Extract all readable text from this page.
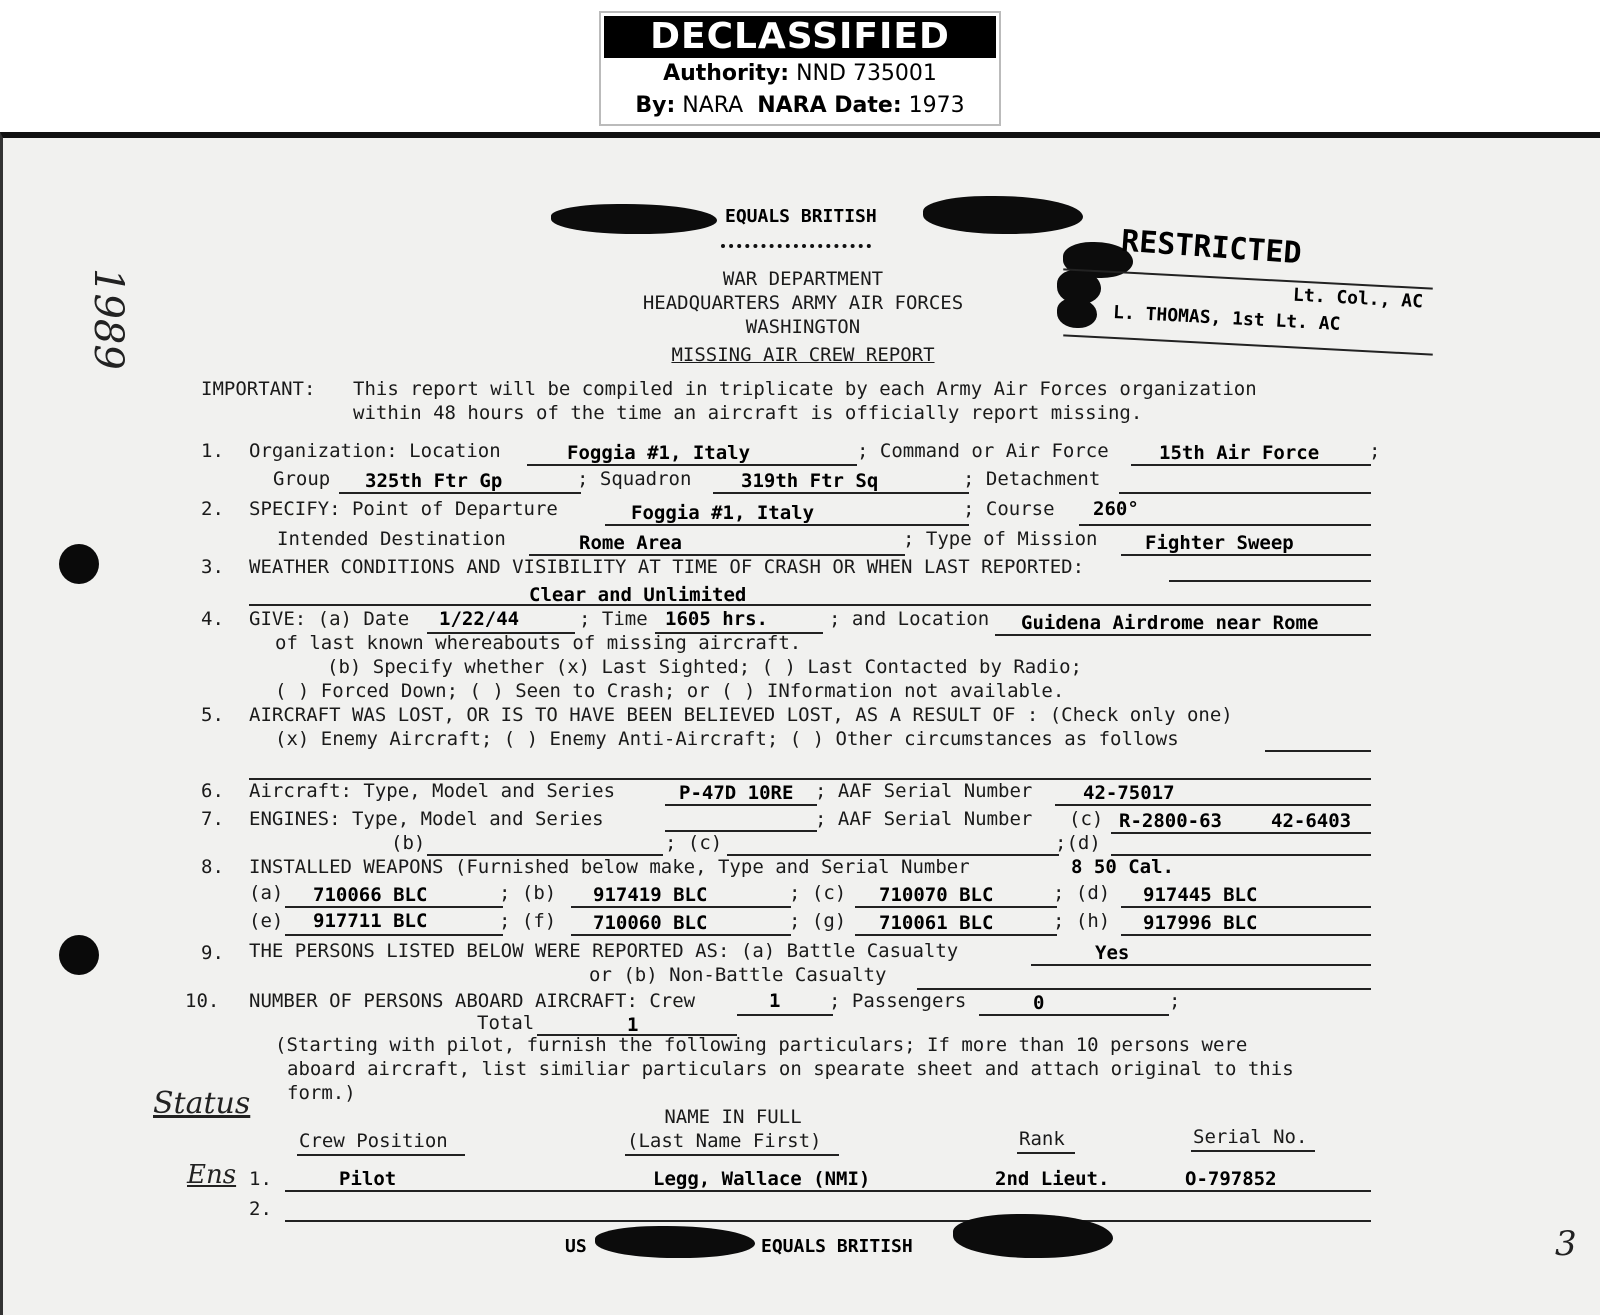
DECLASSIFIED
Authority: NND 735001
By: NARA NARA Date: 1973
1989
Status
Ens
3
EQUALS BRITISH
RESTRICTED
Lt. Col., AC
L. THOMAS, 1st Lt. AC
WAR DEPARTMENT
HEADQUARTERS ARMY AIR FORCES
WASHINGTON
MISSING AIR CREW REPORT
IMPORTANT: This report will be compiled in triplicate by each Army Air Forces organization
within 48 hours of the time an aircraft is officially report missing.
1. Organization: Location	Foggia #1, Italy	; Command or Air Force	15th Air Force	;
Group 325th Ftr Gp	; Squadron	319th Ftr Sq	; Detachment
2. SPECIFY: Point of Departure	Foggia #1, Italy	; Course 260°
Intended Destination	Rome Area	; Type of Mission	Fighter Sweep
3. WEATHER CONDITIONS AND VISIBILITY AT TIME OF CRASH OR WHEN LAST REPORTED:
Clear and Unlimited
4. GIVE: (a) Date 1/22/44	; Time 1605 hrs.	; and Location Guidena Airdrome near Rome
of last known whereabouts of missing aircraft.
(b) Specify whether (x) Last Sighted; ( ) Last Contacted by Radio;
( ) Forced Down; ( ) Seen to Crash; or ( ) INformation not available.
5. AIRCRAFT WAS LOST, OR IS TO HAVE BEEN BELIEVED LOST, AS A RESULT OF : (Check only one)
(x) Enemy Aircraft; ( ) Enemy Anti-Aircraft; ( ) Other circumstances as follows
6. Aircraft: Type, Model and Series	P-47D 10RE ; AAF Serial Number	42-75017
7. ENGINES: Type, Model and Series	; AAF Serial Number (c) R-2800-63	42-6403
(b)	; (c)	;(d)
8. INSTALLED WEAPONS (Furnished below make, Type and Serial Number	8 50 Cal.
(a) 710066 BLC	; (b) 917419 BLC	; (c) 710070 BLC	; (d) 917445 BLC
(e) 917711 BLC	; (f) 710060 BLC	; (g) 710061 BLC	; (h) 917996 BLC
9. THE PERSONS LISTED BELOW WERE REPORTED AS: (a) Battle Casualty	Yes
or (b) Non-Battle Casualty
10. NUMBER OF PERSONS ABOARD AIRCRAFT: Crew	1	; Passengers	0	;
Total	1
(Starting with pilot, furnish the following particulars; If more than 10 persons were
aboard aircraft, list similiar particulars on spearate sheet and attach original to this
form.)
NAME IN FULL
Crew Position	(Last Name First)	Rank	Serial No.
1.	Pilot	Legg, Wallace (NMI)	2nd Lieut.	O-797852
2.
US	EQUALS BRITISH
